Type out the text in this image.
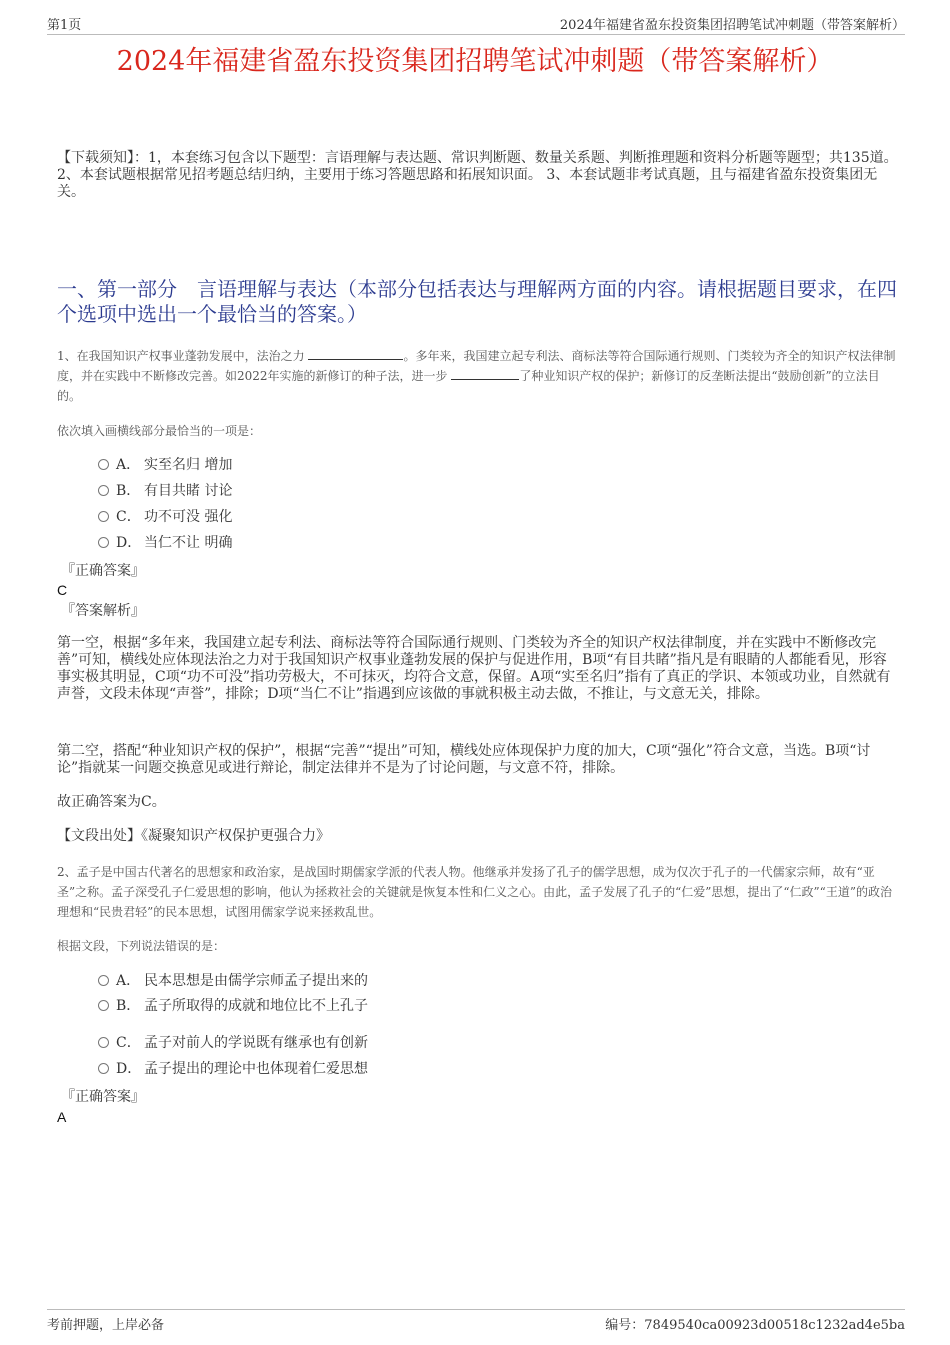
第1页	2024年福建省盈东投资集团招聘笔试冲刺题（带答案解析）
2024年福建省盈东投资集团招聘笔试冲刺题（带答案解析）
【下载须知】：1，本套练习包含以下题型：言语理解与表达题、常识判断题、数量关系题、判断推理题和资料分析题等题型；共135道。 2、本套试题根据常见招考题总结归纳，主要用于练习答题思路和拓展知识面。 3、本套试题非考试真题，且与福建省盈东投资集团无关。
一、第一部分　言语理解与表达（本部分包括表达与理解两方面的内容。请根据题目要求，在四个选项中选出一个最恰当的答案。）
1、在我国知识产权事业蓬勃发展中，法治之力	。多年来，我国建立起专利法、商标法等符合国际通行规则、门类较为齐全的知识产权法律制度，并在实践中不断修改完善。如2022年实施的新修订的种子法，进一步	了种业知识产权的保护；新修订的反垄断法提出“鼓励创新”的立法目的。
依次填入画横线部分最恰当的一项是：
A． 实至名归 增加
B． 有目共睹 讨论
C． 功不可没 强化
D． 当仁不让 明确
『正确答案』
C
『答案解析』
第一空，根据“多年来，我国建立起专利法、商标法等符合国际通行规则、门类较为齐全的知识产权法律制度，并在实践中不断修改完善”可知，横线处应体现法治之力对于我国知识产权事业蓬勃发展的保护与促进作用，B项“有目共睹”指凡是有眼睛的人都能看见，形容事实极其明显，C项“功不可没”指功劳极大，不可抹灭，均符合文意，保留。A项“实至名归”指有了真正的学识、本领或功业，自然就有声誉，文段未体现“声誉”，排除；D项“当仁不让”指遇到应该做的事就积极主动去做，不推让，与文意无关，排除。
第二空，搭配“种业知识产权的保护”，根据“完善”“提出”可知，横线处应体现保护力度的加大，C项“强化”符合文意，当选。B项“讨论”指就某一问题交换意见或进行辩论，制定法律并不是为了讨论问题，与文意不符，排除。
故正确答案为C。
【文段出处】《凝聚知识产权保护更强合力》
2、孟子是中国古代著名的思想家和政治家，是战国时期儒家学派的代表人物。他继承并发扬了孔子的儒学思想，成为仅次于孔子的一代儒家宗师，故有“亚圣”之称。孟子深受孔子仁爱思想的影响，他认为拯救社会的关键就是恢复本性和仁义之心。由此，孟子发展了孔子的“仁爱”思想，提出了“仁政”“王道”的政治理想和“民贵君轻”的民本思想，试图用儒家学说来拯救乱世。
根据文段，下列说法错误的是：
A． 民本思想是由儒学宗师孟子提出来的
B． 孟子所取得的成就和地位比不上孔子
C． 孟子对前人的学说既有继承也有创新
D． 孟子提出的理论中也体现着仁爱思想
『正确答案』
A
考前押题，上岸必备	编号：7849540ca00923d00518c1232ad4e5ba
